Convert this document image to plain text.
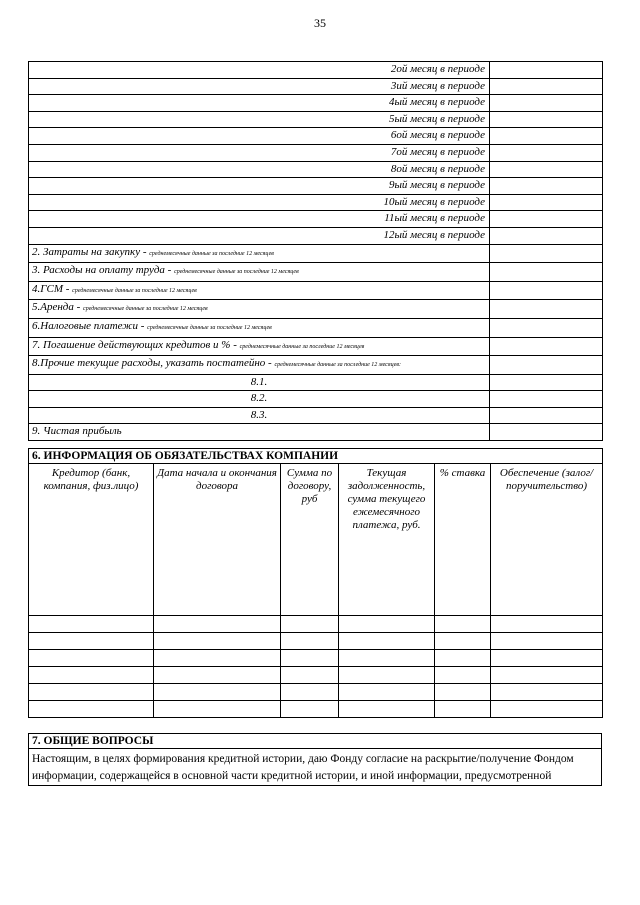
35
2ой месяц в периоде	
3ий месяц в периоде	
4ый месяц в периоде	
5ый месяц в периоде	
6ой месяц в периоде	
7ой месяц в периоде	
8ой месяц в периоде	
9ый месяц в периоде	
10ый месяц в периоде	
11ый месяц в периоде	
12ый месяц в периоде	
2. Затраты на закупку - среднемесячные данные за последние 12 месяцев	
3. Расходы на оплату труда - среднемесячные данные за последние 12 месяцев	
4.ГСМ - среднемесячные данные за последние 12 месяцев	
5.Аренда - среднемесячные данные за последние 12 месяцев	
6.Налоговые платежи - среднемесячные данные за последние 12 месяцев	
7. Погашение действующих кредитов и % - среднемесячные данные за последние 12 месяцев	
8.Прочие текущие расходы, указать постатейно - среднемесячные данные за последние 12 месяцев:	
8.1.	
8.2.	
8.3.	
9. Чистая прибыль	
6. ИНФОРМАЦИЯ ОБ ОБЯЗАТЕЛЬСТВАХ КОМПАНИИ					
Кредитор (банк, компания, физ.лицо)	Дата начала и окончания договора	Сумма по договору, руб	Текущая задолженность, сумма текущего ежемесячного платежа, руб.	% ставка	Обеспечение (залог/поручительство)

7. ОБЩИЕ ВОПРОСЫ
Настоящим, в целях формирования кредитной истории, даю Фонду согласие на раскрытие/получение Фондом информации, содержащейся в основной части кредитной истории, и иной информации, предусмотренной
